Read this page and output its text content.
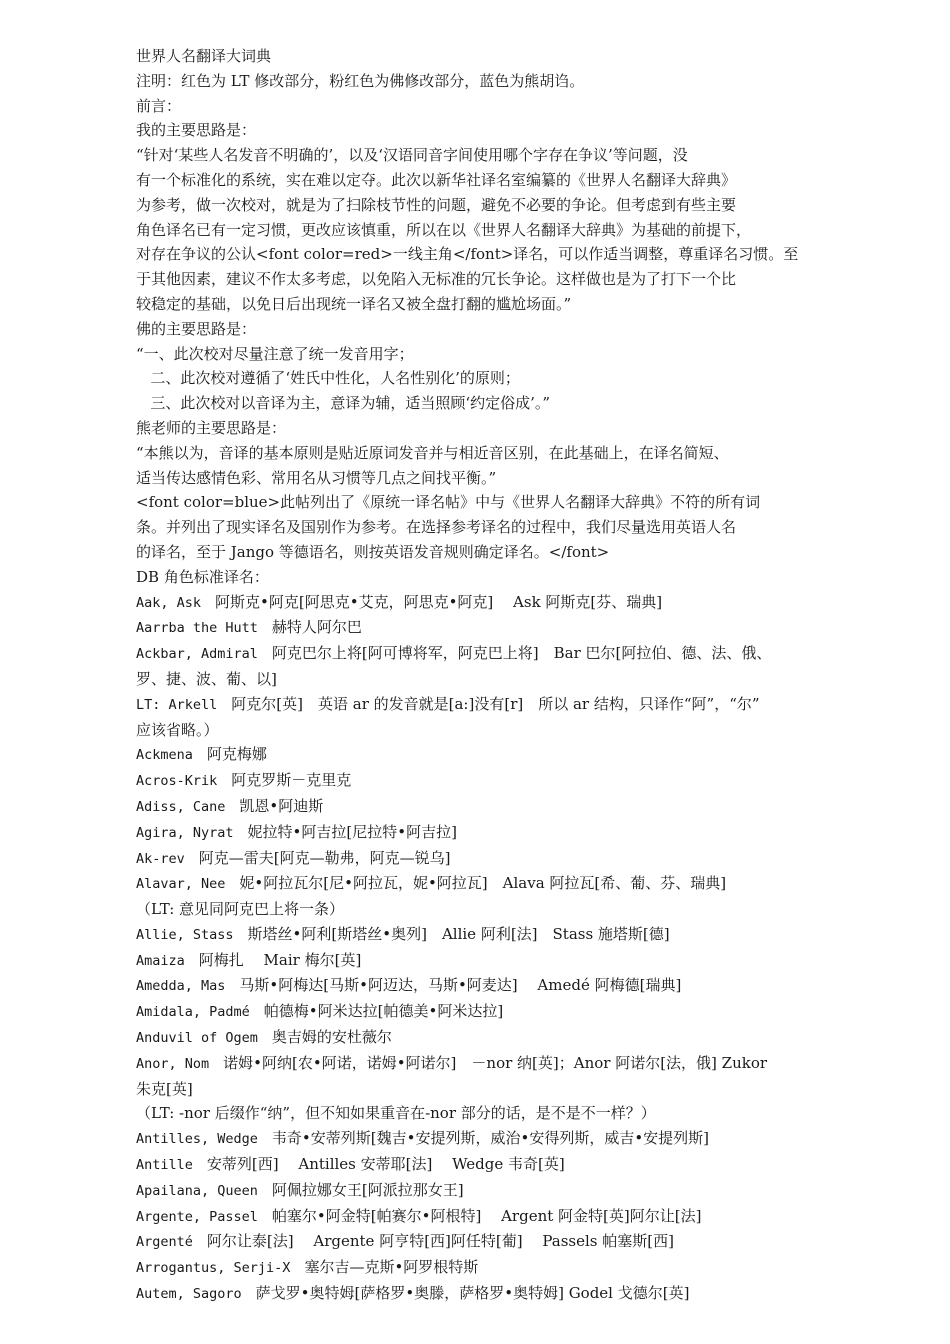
世界人名翻译大词典

注明：红色为 LT 修改部分，粉红色为佛修改部分，蓝色为熊胡诌。

前言：

我的主要思路是：

“针对‘某些人名发音不明确的’，以及‘汉语同音字间使用哪个字存在争议’等问题，没

有一个标准化的系统，实在难以定夺。此次以新华社译名室编纂的《世界人名翻译大辞典》

为参考，做一次校对，就是为了扫除枝节性的问题，避免不必要的争论。但考虑到有些主要

角色译名已有一定习惯，更改应该慎重，所以在以《世界人名翻译大辞典》为基础的前提下，

对存在争议的公认<font color=red>一线主角</font>译名，可以作适当调整，尊重译名习惯。至

于其他因素，建议不作太多考虑，以免陷入无标准的冗长争论。这样做也是为了打下一个比

较稳定的基础，以免日后出现统一译名又被全盘打翻的尴尬场面。”

佛的主要思路是：

“一、此次校对尽量注意了统一发音用字；

二、此次校对遵循了‘姓氏中性化，人名性别化’的原则；

三、此次校对以音译为主，意译为辅，适当照顾‘约定俗成’。”

熊老师的主要思路是：

“本熊以为，音译的基本原则是贴近原词发音并与相近音区别，在此基础上，在译名简短、

适当传达感情色彩、常用名从习惯等几点之间找平衡。”

<font color=blue>此帖列出了《原统一译名帖》中与《世界人名翻译大辞典》不符的所有词

条。并列出了现实译名及国别作为参考。在选择参考译名的过程中，我们尽量选用英语人名

的译名，至于 Jango 等德语名，则按英语发音规则确定译名。</font>

DB 角色标准译名：

Aak, Ask 阿斯克•阿克[阿思克•艾克，阿思克•阿克]　 Ask 阿斯克[芬、瑞典]

Aarrba the Hutt 赫特人阿尔巴

Ackbar, Admiral 阿克巴尔上将[阿可博将军，阿克巴上将]　Bar 巴尔[阿拉伯、德、法、俄、

罗、捷、波、葡、以]

LT: Arkell 阿克尔[英]　英语 ar 的发音就是[a:]没有[r]　所以 ar 结构，只译作“阿”，“尔”

应该省略。）

Ackmena 阿克梅娜

Acros-Krik 阿克罗斯－克里克

Adiss, Cane 凯恩•阿迪斯

Agira, Nyrat 妮拉特•阿吉拉[尼拉特•阿吉拉]

Ak-rev 阿克—雷夫[阿克—勒弗，阿克—锐乌]

Alavar, Nee 妮•阿拉瓦尔[尼•阿拉瓦，妮•阿拉瓦]　Alava 阿拉瓦[希、葡、芬、瑞典]

（LT: 意见同阿克巴上将一条）

Allie, Stass 斯塔丝•阿利[斯塔丝•奥列]　Allie 阿利[法]　Stass 施塔斯[德]

Amaiza 阿梅扎　 Mair 梅尔[英]

Amedda, Mas 马斯•阿梅达[马斯•阿迈达，马斯•阿麦达]　 Amedé 阿梅德[瑞典]

Amidala, Padmé 帕德梅•阿米达拉[帕德美•阿米达拉]

Anduvil of Ogem 奥吉姆的安杜薇尔

Anor, Nom 诺姆•阿纳[农•阿诺，诺姆•阿诺尔]　－nor 纳[英]；Anor 阿诺尔[法，俄] Zukor

朱克[英]

（LT: -nor 后缀作“纳”，但不知如果重音在-nor 部分的话，是不是不一样？）

Antilles, Wedge 韦奇•安蒂列斯[魏吉•安提列斯，威治•安得列斯，威吉•安提列斯]

Antille 安蒂列[西]　 Antilles 安蒂耶[法]　 Wedge 韦奇[英]

Apailana, Queen 阿佩拉娜女王[阿派拉那女王]

Argente, Passel 帕塞尔•阿金特[帕赛尔•阿根特]　 Argent 阿金特[英]阿尔让[法]

Argenté 阿尔让泰[法]　 Argente 阿亨特[西]阿任特[葡]　 Passels 帕塞斯[西]

Arrogantus, Serji-X 塞尔吉—克斯•阿罗根特斯

Autem, Sagoro 萨戈罗•奥特姆[萨格罗•奥滕，萨格罗•奥特姆] Godel 戈德尔[英]
